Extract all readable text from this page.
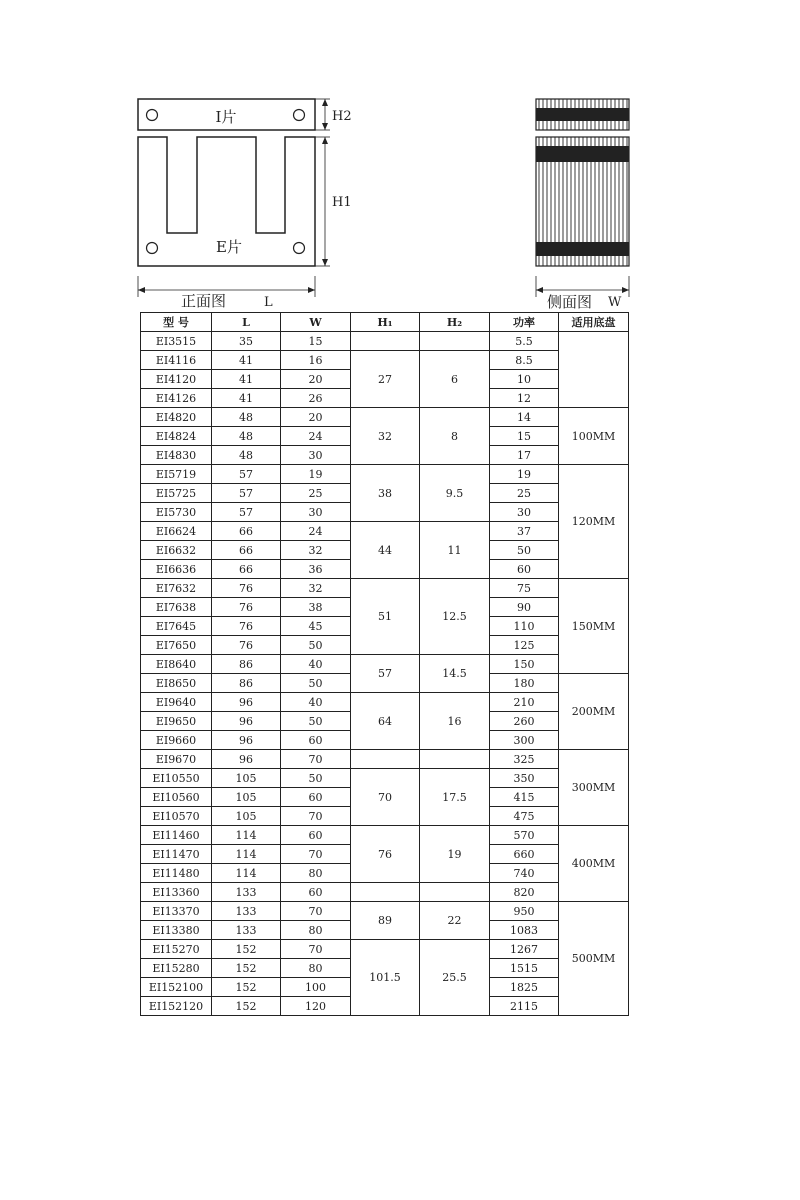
I片
E片
H2
H1
正面图	L	侧面图 W
型 号	L	W	H₁	H₂	功率	适用底盘
EI3515	35	15			5.5	
EI4116	41	16	27	6	8.5	
EI4120	41	20			10	
EI4126	41	26			12	
EI4820	48	20	32	8	14	100MM
EI4824	48	24			15	
EI4830	48	30			17	
EI5719	57	19	38	9.5	19	120MM
EI5725	57	25			25	
EI5730	57	30			30	
EI6624	66	24	44	11	37	
EI6632	66	32			50	
EI6636	66	36			60	
EI7632	76	32	51	12.5	75	150MM
EI7638	76	38			90	
EI7645	76	45			110	
EI7650	76	50			125	
EI8640	86	40	57	14.5	150	
EI8650	86	50			180	200MM
EI9640	96	40	64	16	210	
EI9650	96	50			260	
EI9660	96	60			300	
EI9670	96	70			325	300MM
EI10550	105	50	70	17.5	350	
EI10560	105	60			415	
EI10570	105	70			475	
EI11460	114	60	76	19	570	400MM
EI11470	114	70			660	
EI11480	114	80			740	
EI13360	133	60			820	
EI13370	133	70	89	22	950	500MM
EI13380	133	80			1083	
EI15270	152	70	101.5	25.5	1267	
EI15280	152	80			1515	
EI152100	152	100			1825	
EI152120	152	120			2115	
